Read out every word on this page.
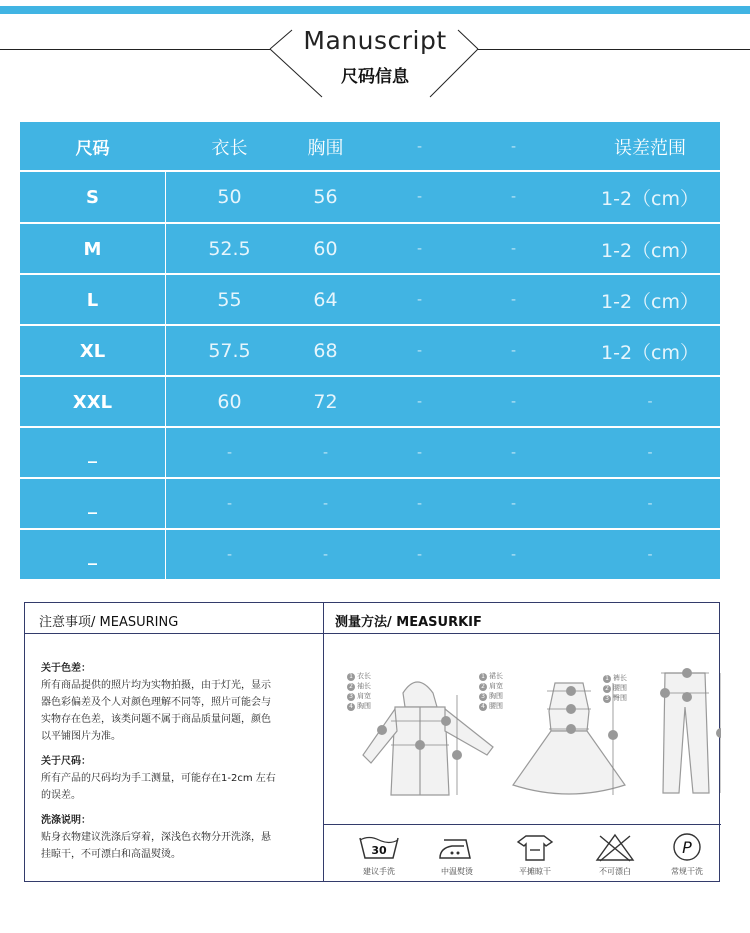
Manuscript
尺码信息
尺码	衣长	胸围	-	-	误差范围
S	50	56	-	-	1-2（cm）
M	52.5	60	-	-	1-2（cm）
L	55	64	-	-	1-2（cm）
XL	57.5	68	-	-	1-2（cm）
XXL	60	72	-	-	-
_	-	-	-	-	-
_	-	-	-	-	-
_	-	-	-	-	-
注意事项/ MEASURING	测量方法/ MEASURKIF
关于色差：
所有商品提供的照片均为实物拍摄，由于灯光，显示
器色彩偏差及个人对颜色理解不同等，照片可能会与
实物存在色差，该类问题不属于商品质量问题，颜色
以平铺图片为准。
关于尺码：
所有产品的尺码均为手工测量，可能存在1-2cm 左右
的误差。
洗涤说明：
贴身衣物建议洗涤后穿着，深浅色衣物分开洗涤，悬
挂晾干，不可漂白和高温熨烫。
1 衣长
2 袖长
3 肩宽
4 胸围
1 裙长
2 肩宽
3 胸围
4 腰围
1 裤长
2 腰围
3 臀围
30
建议手洗	中温熨烫	平摊晾干	不可漂白
P
常规干洗
